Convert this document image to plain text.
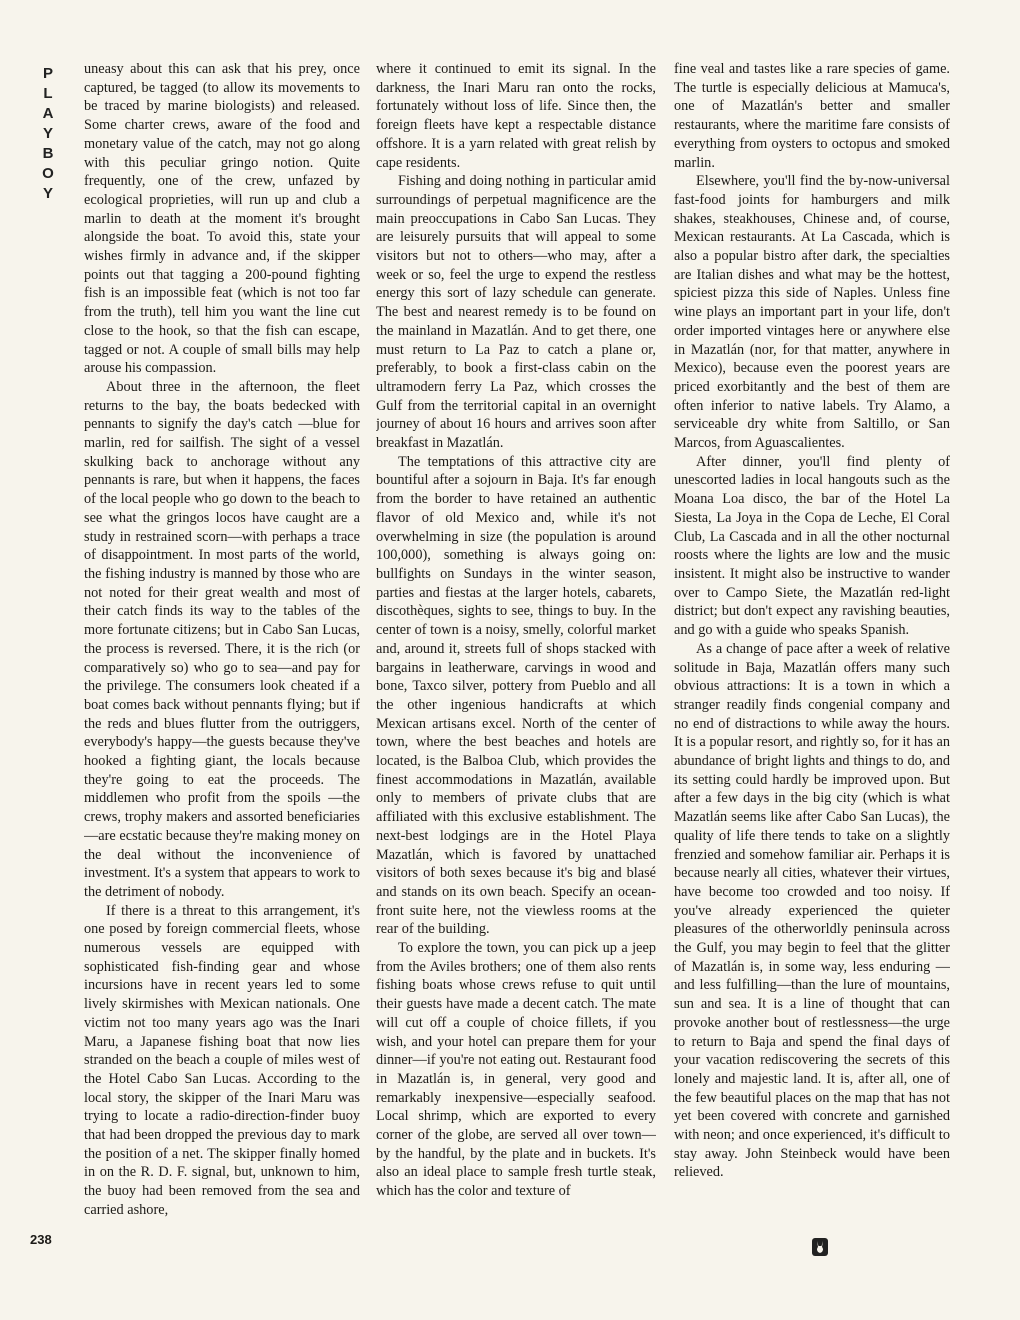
P
L
A
Y
B
O
Y

uneasy about this can ask that his prey, once captured, be tagged (to allow its movements to be traced by marine biologists) and released. Some charter crews, aware of the food and monetary value of the catch, may not go along with this peculiar gringo notion. Quite frequently, one of the crew, unfazed by ecological proprieties, will run up and club a marlin to death at the moment it's brought alongside the boat. To avoid this, state your wishes firmly in advance and, if the skipper points out that tagging a 200-pound fighting fish is an impossible feat (which is not too far from the truth), tell him you want the line cut close to the hook, so that the fish can escape, tagged or not. A couple of small bills may help arouse his compassion.

About three in the afternoon, the fleet returns to the bay, the boats bedecked with pennants to signify the day's catch —blue for marlin, red for sailfish. The sight of a vessel skulking back to anchorage without any pennants is rare, but when it happens, the faces of the local people who go down to the beach to see what the gringos locos have caught are a study in restrained scorn—with perhaps a trace of disappointment. In most parts of the world, the fishing industry is manned by those who are not noted for their great wealth and most of their catch finds its way to the tables of the more fortunate citizens; but in Cabo San Lucas, the process is reversed. There, it is the rich (or comparatively so) who go to sea—and pay for the privilege. The consumers look cheated if a boat comes back without pennants flying; but if the reds and blues flutter from the outriggers, everybody's happy—the guests because they've hooked a fighting giant, the locals because they're going to eat the proceeds. The middlemen who profit from the spoils —the crews, trophy makers and assorted beneficiaries—are ecstatic because they're making money on the deal without the inconvenience of investment. It's a system that appears to work to the detriment of nobody.

If there is a threat to this arrangement, it's one posed by foreign commercial fleets, whose numerous vessels are equipped with sophisticated fish-finding gear and whose incursions have in recent years led to some lively skirmishes with Mexican nationals. One victim not too many years ago was the Inari Maru, a Japanese fishing boat that now lies stranded on the beach a couple of miles west of the Hotel Cabo San Lucas. According to the local story, the skipper of the Inari Maru was trying to locate a radio-direction-finder buoy that had been dropped the previous day to mark the position of a net. The skipper finally homed in on the R. D. F. signal, but, unknown to him, the buoy had been removed from the sea and carried ashore,

where it continued to emit its signal. In the darkness, the Inari Maru ran onto the rocks, fortunately without loss of life. Since then, the foreign fleets have kept a respectable distance offshore. It is a yarn related with great relish by cape residents.

Fishing and doing nothing in particular amid surroundings of perpetual magnificence are the main preoccupations in Cabo San Lucas. They are leisurely pursuits that will appeal to some visitors but not to others—who may, after a week or so, feel the urge to expend the restless energy this sort of lazy schedule can generate. The best and nearest remedy is to be found on the mainland in Mazatlán. And to get there, one must return to La Paz to catch a plane or, preferably, to book a first-class cabin on the ultramodern ferry La Paz, which crosses the Gulf from the territorial capital in an overnight journey of about 16 hours and arrives soon after breakfast in Mazatlán.

The temptations of this attractive city are bountiful after a sojourn in Baja. It's far enough from the border to have retained an authentic flavor of old Mexico and, while it's not overwhelming in size (the population is around 100,000), something is always going on: bullfights on Sundays in the winter season, parties and fiestas at the larger hotels, cabarets, discothèques, sights to see, things to buy. In the center of town is a noisy, smelly, colorful market and, around it, streets full of shops stacked with bargains in leatherware, carvings in wood and bone, Taxco silver, pottery from Pueblo and all the other ingenious handicrafts at which Mexican artisans excel. North of the center of town, where the best beaches and hotels are located, is the Balboa Club, which provides the finest accommodations in Mazatlán, available only to members of private clubs that are affiliated with this exclusive establishment. The next-best lodgings are in the Hotel Playa Mazatlán, which is favored by unattached visitors of both sexes because it's big and blasé and stands on its own beach. Specify an ocean-front suite here, not the viewless rooms at the rear of the building.

To explore the town, you can pick up a jeep from the Aviles brothers; one of them also rents fishing boats whose crews refuse to quit until their guests have made a decent catch. The mate will cut off a couple of choice fillets, if you wish, and your hotel can prepare them for your dinner—if you're not eating out. Restaurant food in Mazatlán is, in general, very good and remarkably inexpensive—especially seafood. Local shrimp, which are exported to every corner of the globe, are served all over town—by the handful, by the plate and in buckets. It's also an ideal place to sample fresh turtle steak, which has the color and texture of

fine veal and tastes like a rare species of game. The turtle is especially delicious at Mamuca's, one of Mazatlán's better and smaller restaurants, where the maritime fare consists of everything from oysters to octopus and smoked marlin.

Elsewhere, you'll find the by-now-universal fast-food joints for hamburgers and milk shakes, steakhouses, Chinese and, of course, Mexican restaurants. At La Cascada, which is also a popular bistro after dark, the specialties are Italian dishes and what may be the hottest, spiciest pizza this side of Naples. Unless fine wine plays an important part in your life, don't order imported vintages here or anywhere else in Mazatlán (nor, for that matter, anywhere in Mexico), because even the poorest years are priced exorbitantly and the best of them are often inferior to native labels. Try Alamo, a serviceable dry white from Saltillo, or San Marcos, from Aguascalientes.

After dinner, you'll find plenty of unescorted ladies in local hangouts such as the Moana Loa disco, the bar of the Hotel La Siesta, La Joya in the Copa de Leche, El Coral Club, La Cascada and in all the other nocturnal roosts where the lights are low and the music insistent. It might also be instructive to wander over to Campo Siete, the Mazatlán red-light district; but don't expect any ravishing beauties, and go with a guide who speaks Spanish.

As a change of pace after a week of relative solitude in Baja, Mazatlán offers many such obvious attractions: It is a town in which a stranger readily finds congenial company and no end of distractions to while away the hours. It is a popular resort, and rightly so, for it has an abundance of bright lights and things to do, and its setting could hardly be improved upon. But after a few days in the big city (which is what Mazatlán seems like after Cabo San Lucas), the quality of life there tends to take on a slightly frenzied and somehow familiar air. Perhaps it is because nearly all cities, whatever their virtues, have become too crowded and too noisy. If you've already experienced the quieter pleasures of the otherworldly peninsula across the Gulf, you may begin to feel that the glitter of Mazatlán is, in some way, less enduring —and less fulfilling—than the lure of mountains, sun and sea. It is a line of thought that can provoke another bout of restlessness—the urge to return to Baja and spend the final days of your vacation rediscovering the secrets of this lonely and majestic land. It is, after all, one of the few beautiful places on the map that has not yet been covered with concrete and garnished with neon; and once experienced, it's difficult to stay away. John Steinbeck would have been relieved.

238
